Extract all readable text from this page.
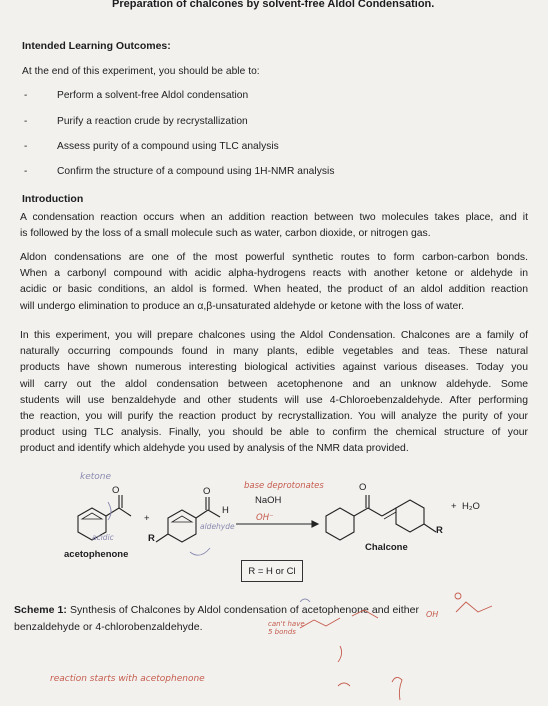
Preparation of chalcones by solvent-free Aldol Condensation.
Intended Learning Outcomes:
At the end of this experiment, you should be able to:
-	Perform a solvent-free Aldol condensation
-	Purify a reaction crude by recrystallization
-	Assess purity of a compound using TLC analysis
-	Confirm the structure of a compound using 1H-NMR analysis
Introduction
A condensation reaction occurs when an addition reaction between two molecules takes place, and it
is followed by the loss of a small molecule such as water, carbon dioxide, or nitrogen gas.
Aldon condensations are one of the most powerful synthetic routes to form carbon-carbon bonds.
When a carbonyl compound with acidic alpha-hydrogens reacts with another ketone or aldehyde in
acidic or basic conditions, an aldol is formed. When heated, the product of an aldol addition reaction
will undergo elimination to produce an α,β-unsaturated aldehyde or ketone with the loss of water.
In this experiment, you will prepare chalcones using the Aldol Condensation. Chalcones are a family of
naturally occurring compounds found in many plants, edible vegetables and teas. These natural
products have shown numerous interesting biological activities against various diseases. Today you
will carry out the aldol condensation between acetophenone and an unknow aldehyde. Some
students will use benzaldehyde and other students will use 4-Chloroebenzaldehyde. After performing
the reaction, you will purify the reaction product by recrystallization. You will analyze the purity of your
product using TLC analysis. Finally, you should be able to confirm the chemical structure of your
product and identify which aldehyde you used by analysis of the NMR data provided.
O
+
O
H
R
NaOH
O
+ H₂O
R
acetophenone
Chalcone
R = H or Cl
ketone
base deprotonates
OH⁻
aldehyde
acidic
Scheme 1: Synthesis of Chalcones by Aldol condensation of acetophenone and either
benzaldehyde or 4-chlorobenzaldehyde.	can't have 5 bonds
OH
reaction starts with acetophenone
